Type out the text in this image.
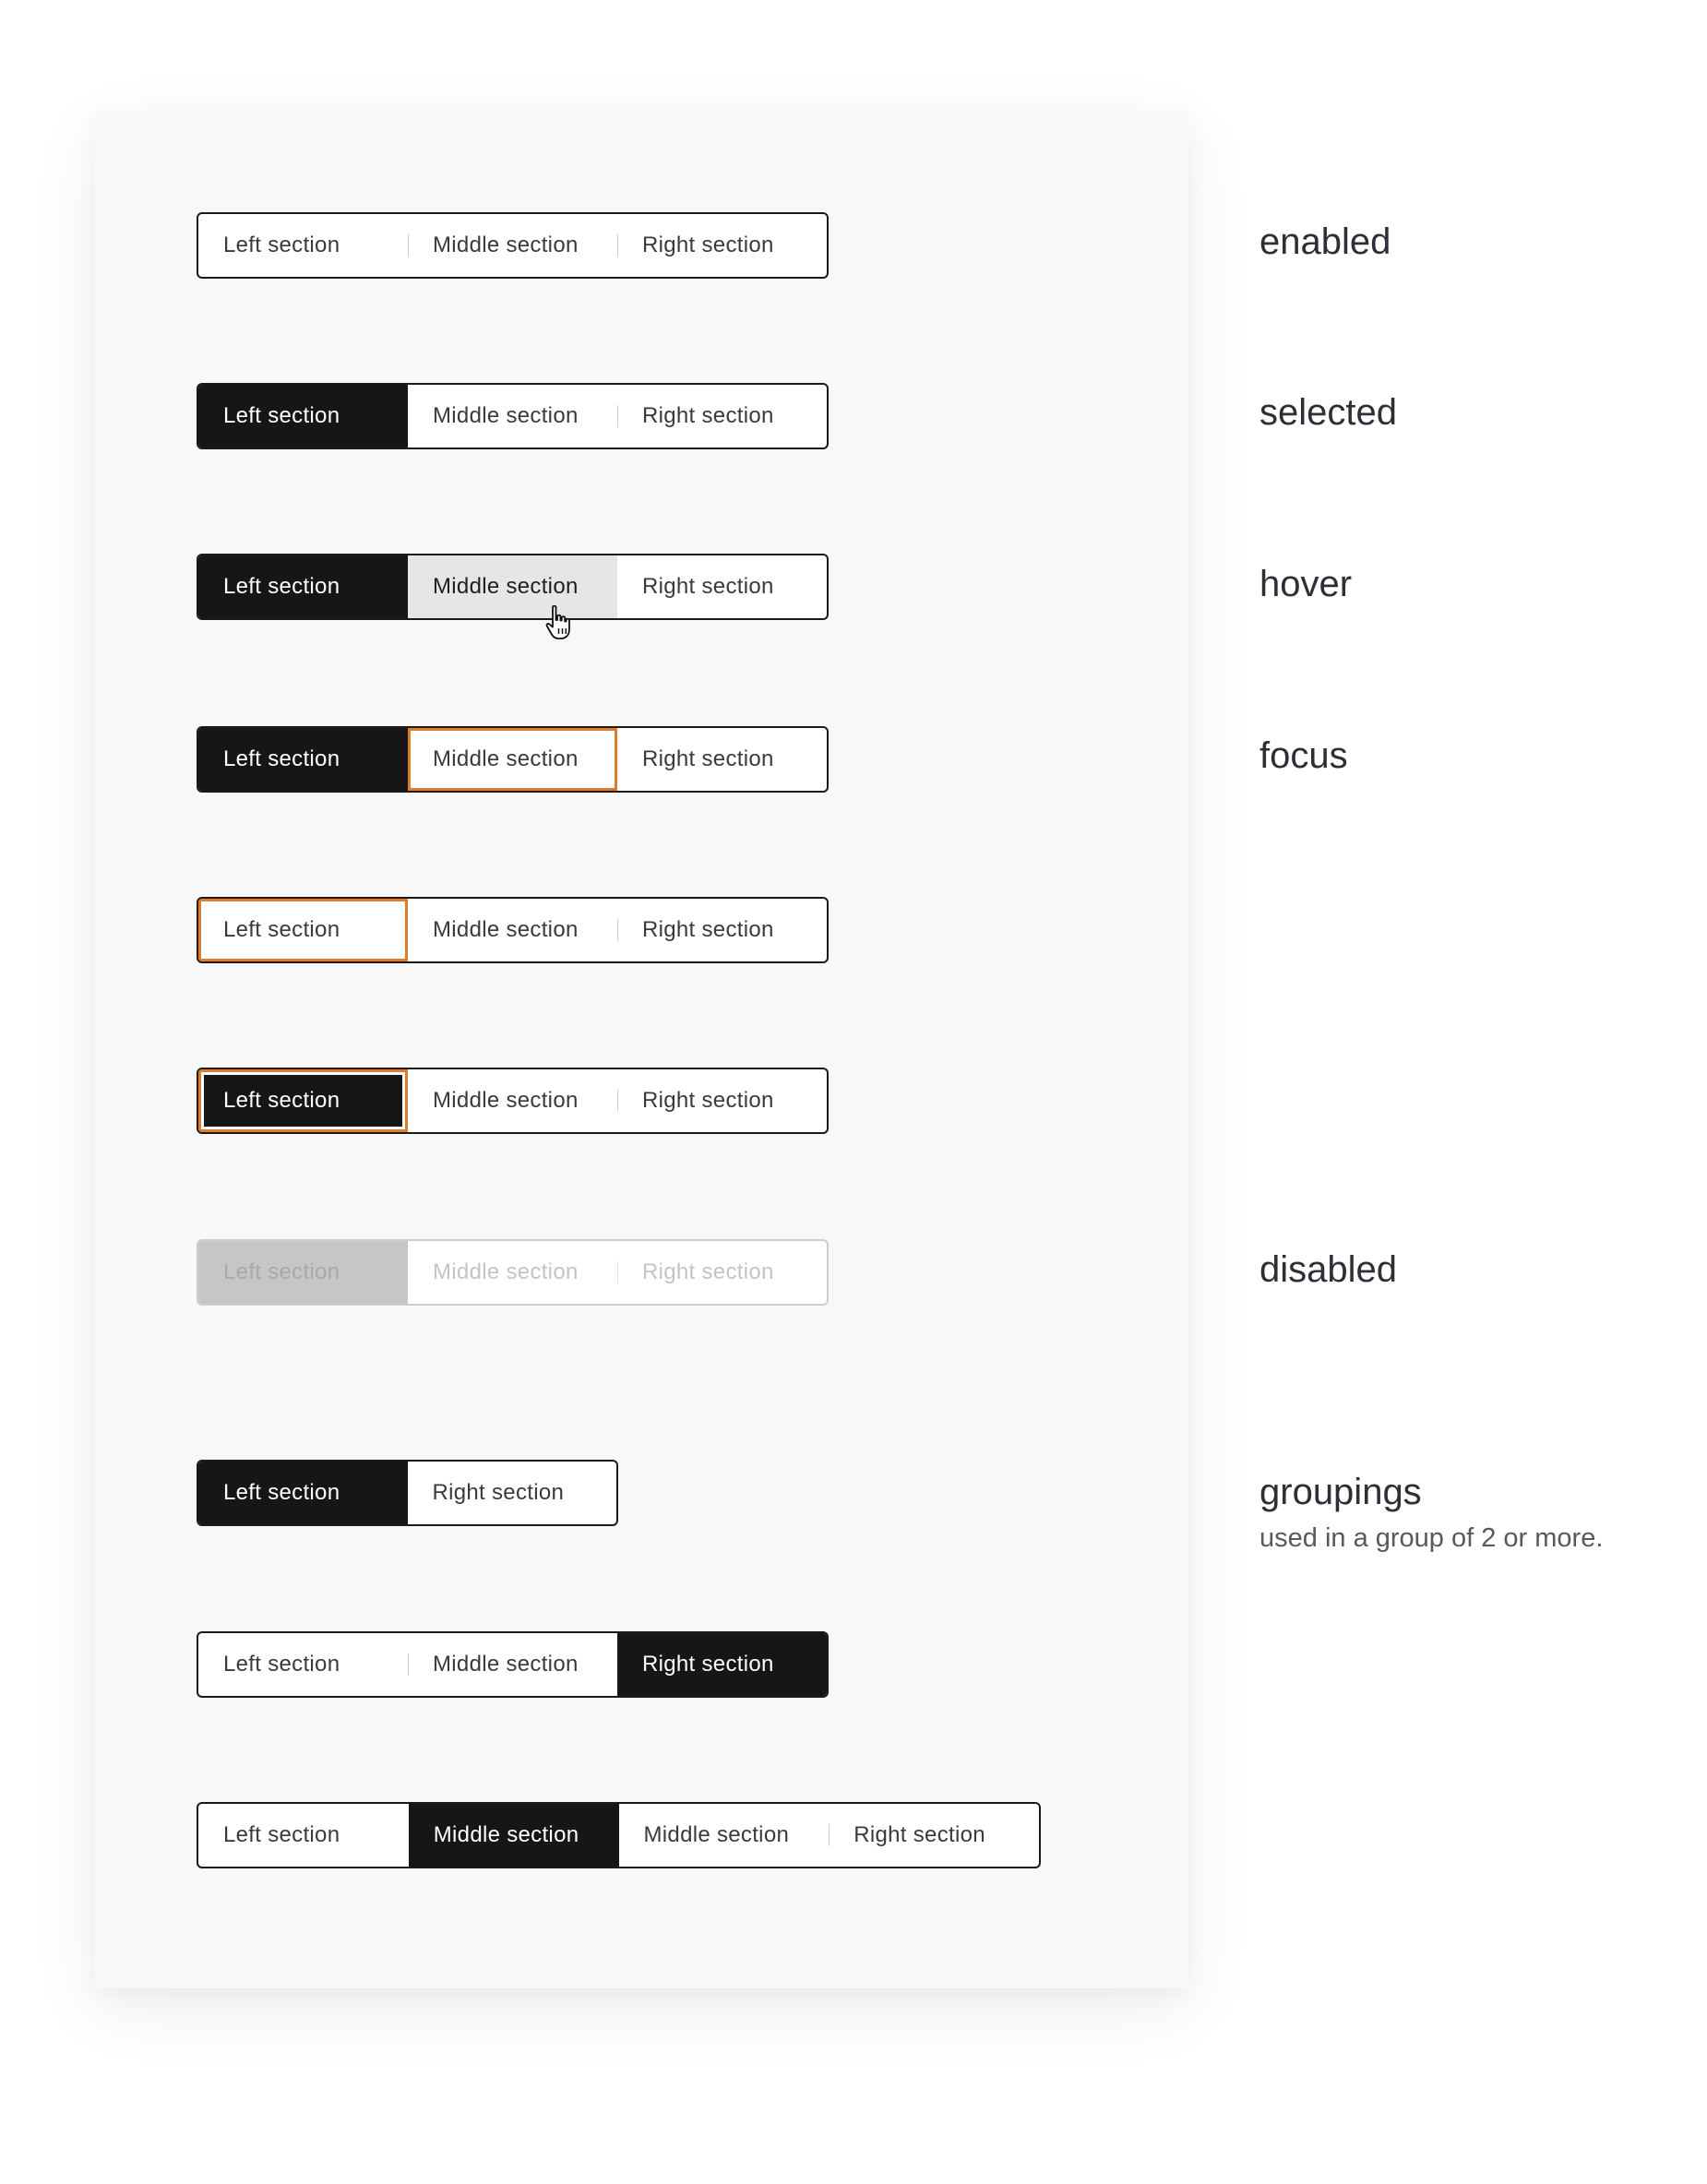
Left section	Middle section	Right section	enabled
Left section	Middle section	Right section	selected
Left section	Middle section	Right section	hover
Left section	Middle section	Right section	focus
Left section	Middle section	Right section
Left section	Middle section	Right section
Left section	Middle section	Right section	disabled
Left section	Right section	groupings
used in a group of 2 or more.
Left section	Middle section	Right section
Left section	Middle section	Middle section	Right section
